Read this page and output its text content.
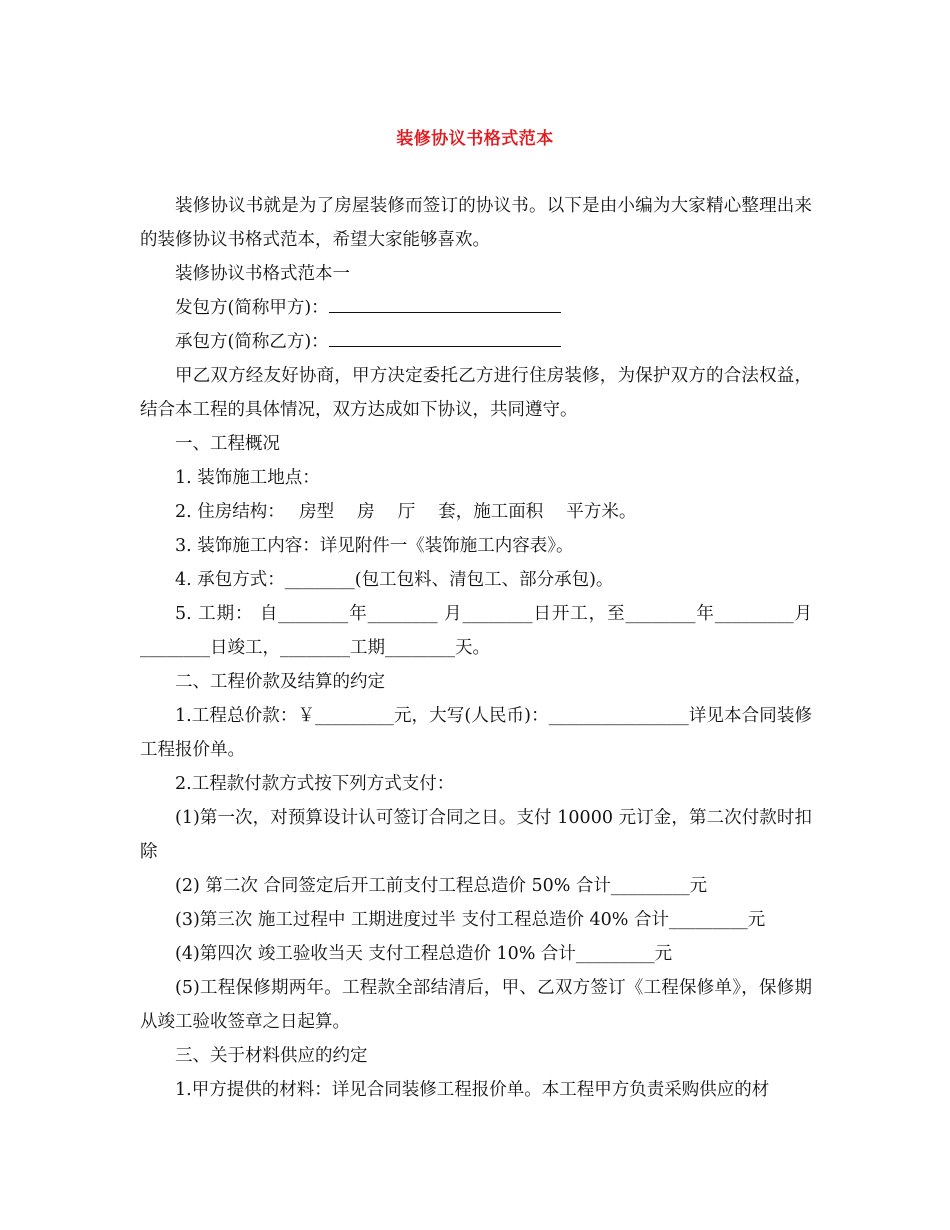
装修协议书格式范本

装修协议书就是为了房屋装修而签订的协议书。以下是由小编为大家精心整理出来的装修协议书格式范本，希望大家能够喜欢。

装修协议书格式范本一

发包方(简称甲方)：

承包方(简称乙方)：

甲乙双方经友好协商，甲方决定委托乙方进行住房装修，为保护双方的合法权益，结合本工程的具体情况，双方达成如下协议，共同遵守。

一、工程概况

1. 装饰施工地点：

2. 住房结构：　 房型　 房　 厅　 套，施工面积　 平方米。

3. 装饰施工内容：详见附件一《装饰施工内容表》。

4. 承包方式：________(包工包料、清包工、部分承包)。

5. 工期： 自________年________ 月________日开工，至________年_________月________日竣工，________工期________天。

二、工程价款及结算的约定

1.工程总价款：￥_________元，大写(人民币)：________________详见本合同装修工程报价单。

2.工程款付款方式按下列方式支付：

(1)第一次，对预算设计认可签订合同之日。支付 10000 元订金，第二次付款时扣除

(2) 第二次 合同签定后开工前支付工程总造价 50% 合计_________元

(3)第三次 施工过程中 工期进度过半 支付工程总造价 40% 合计_________元

(4)第四次 竣工验收当天 支付工程总造价 10% 合计_________元

(5)工程保修期两年。工程款全部结清后，甲、乙双方签订《工程保修单》，保修期从竣工验收签章之日起算。

三、关于材料供应的约定

1.甲方提供的材料：详见合同装修工程报价单。本工程甲方负责采购供应的材
